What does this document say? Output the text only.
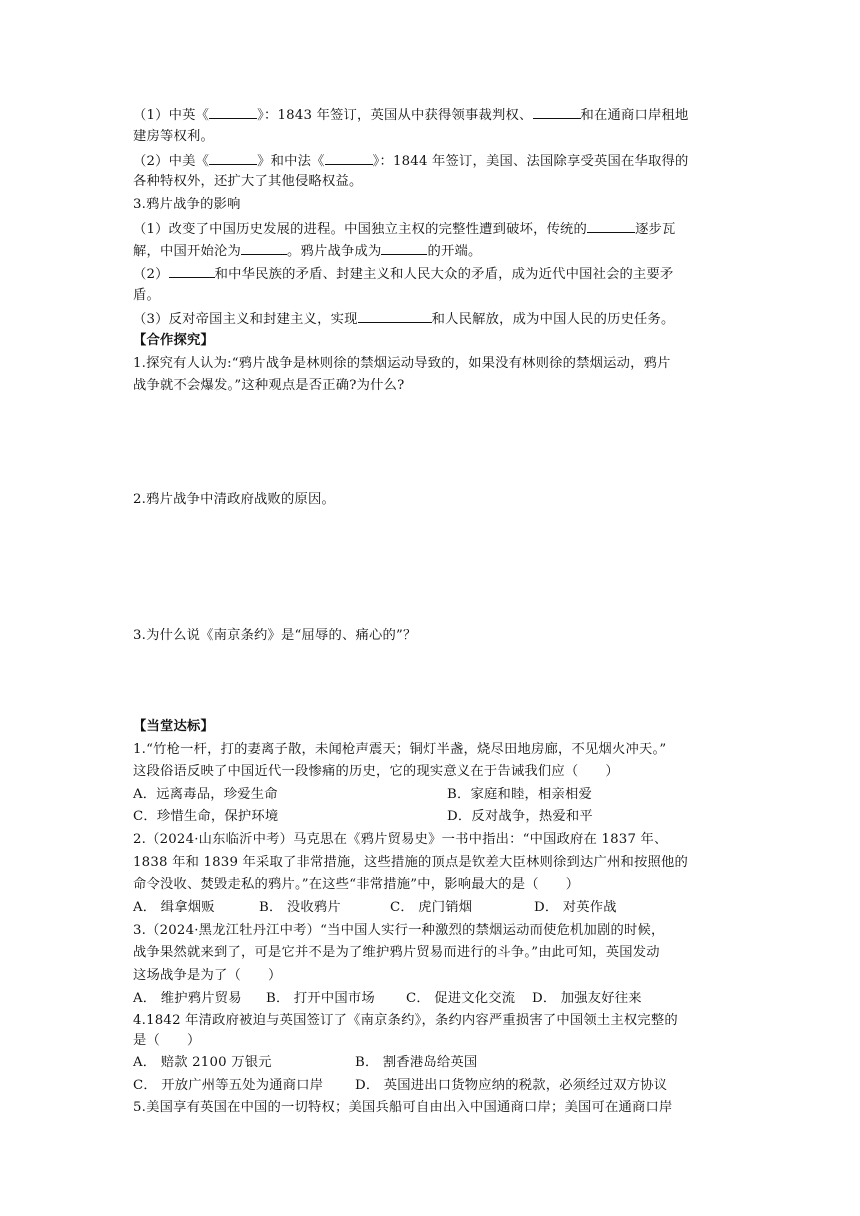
（1）中英《	》：1843 年签订，英国从中获得领事裁判权、	和在通商口岸租地
建房等权利。
（2）中美《	》和中法《	》：1844 年签订，美国、法国除享受英国在华取得的
各种特权外，还扩大了其他侵略权益。
3.鸦片战争的影响
（1）改变了中国历史发展的进程。中国独立主权的完整性遭到破坏，传统的	逐步瓦
解，中国开始沦为	。鸦片战争成为	的开端。
（2）	和中华民族的矛盾、封建主义和人民大众的矛盾，成为近代中国社会的主要矛
盾。
（3）反对帝国主义和封建主义，实现	和人民解放，成为中国人民的历史任务。
【合作探究】
1.探究有人认为:“鸦片战争是林则徐的禁烟运动导致的，如果没有林则徐的禁烟运动，鸦片
战争就不会爆发。”这种观点是否正确?为什么?
2.鸦片战争中清政府战败的原因。
3.为什么说《南京条约》是“屈辱的、痛心的”？
【当堂达标】
1.“竹枪一杆，打的妻离子散，未闻枪声震天；铜灯半盏，烧尽田地房廊，不见烟火冲天。”
这段俗语反映了中国近代一段惨痛的历史，它的现实意义在于告诫我们应（　　）
A．远离毒品，珍爱生命	B．家庭和睦，相亲相爱
C．珍惜生命，保护环境	D．反对战争，热爱和平
2.（2024·山东临沂中考）马克思在《鸦片贸易史》一书中指出：“中国政府在 1837 年、
1838 年和 1839 年采取了非常措施，这些措施的顶点是钦差大臣林则徐到达广州和按照他的
命令没收、焚毁走私的鸦片。”在这些“非常措施”中，影响最大的是（　　）
A． 缉拿烟贩	B． 没收鸦片	C． 虎门销烟	D． 对英作战
3.（2024·黑龙江牡丹江中考）“当中国人实行一种激烈的禁烟运动而使危机加剧的时候，
战争果然就来到了，可是它并不是为了维护鸦片贸易而进行的斗争。”由此可知，英国发动
这场战争是为了（　　）
A． 维护鸦片贸易 B． 打开中国市场 C． 促进文化交流 D． 加强友好往来
4.1842 年清政府被迫与英国签订了《南京条约》，条约内容严重损害了中国领土主权完整的
是（　　）
A． 赔款 2100 万银元	B． 割香港岛给英国
C． 开放广州等五处为通商口岸 D． 英国进出口货物应纳的税款，必须经过双方协议
5.美国享有英国在中国的一切特权；美国兵船可自由出入中国通商口岸；美国可在通商口岸
